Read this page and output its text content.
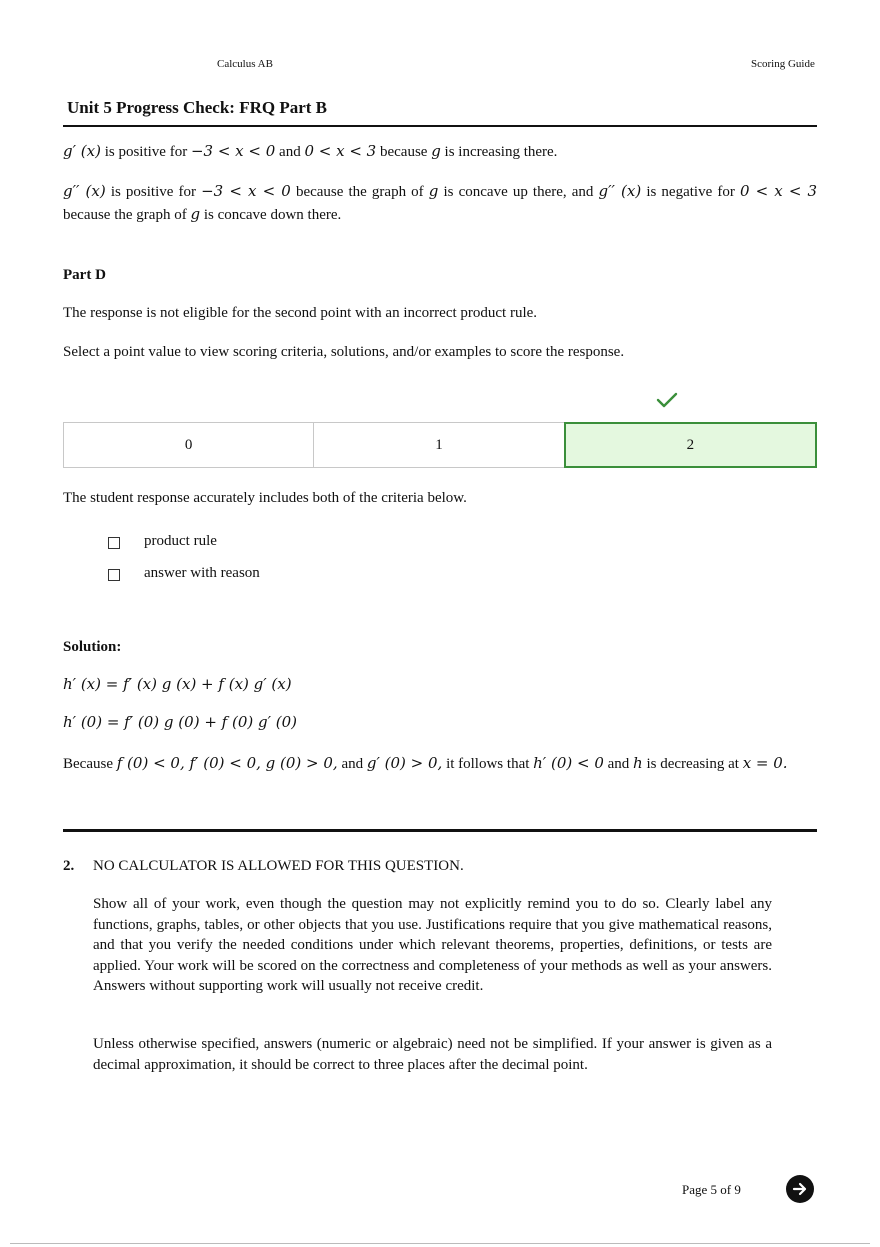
Calculus AB	Scoring Guide
Unit 5 Progress Check: FRQ Part B
g′ (x) is positive for −3 < x < 0 and 0 < x < 3 because g is increasing there.
g′′ (x) is positive for −3 < x < 0 because the graph of g is concave up there, and g′′ (x) is negative for 0 < x < 3 because the graph of g is concave down there.
Part D
The response is not eligible for the second point with an incorrect product rule.
Select a point value to view scoring criteria, solutions, and/or examples to score the response.
0	1	2
The student response accurately includes both of the criteria below.
product rule
answer with reason
Solution:
h′ (x) = f′ (x) g (x) + f (x) g′ (x)
h′ (0) = f′ (0) g (0) + f (0) g′ (0)
Because f (0) < 0, f′ (0) < 0, g (0) > 0, and g′ (0) > 0, it follows that h′ (0) < 0 and h is decreasing at x = 0.
2. NO CALCULATOR IS ALLOWED FOR THIS QUESTION.
Show all of your work, even though the question may not explicitly remind you to do so. Clearly label any functions, graphs, tables, or other objects that you use. Justifications require that you give mathematical reasons, and that you verify the needed conditions under which relevant theorems, properties, definitions, or tests are applied. Your work will be scored on the correctness and completeness of your methods as well as your answers. Answers without supporting work will usually not receive credit.
Unless otherwise specified, answers (numeric or algebraic) need not be simplified. If your answer is given as a decimal approximation, it should be correct to three places after the decimal point.
Page 5 of 9
